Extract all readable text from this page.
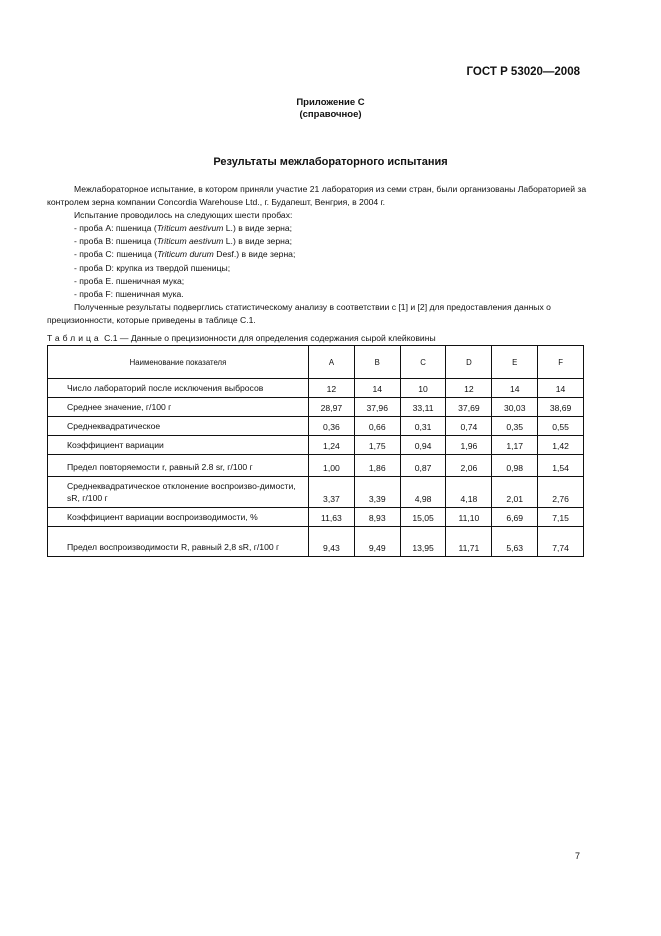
ГОСТ Р 53020—2008
Приложение С
(справочное)
Результаты межлабораторного испытания

Межлабораторное испытание, в котором приняли участие 21 лаборатория из семи стран, были организованы Лабораторией за контролем зерна компании Concordia Warehouse Ltd., г. Будапешт, Венгрия, в 2004 г.

Испытание проводилось на следующих шести пробах:

- проба А: пшеница (Triticum aestivum L.) в виде зерна;

- проба В: пшеница (Triticum aestivum L.) в виде зерна;

- проба С: пшеница (Triticum durum Desf.) в виде зерна;

- проба D: крупка из твердой пшеницы;

- проба Е. пшеничная мука;

- проба F: пшеничная мука.

Полученные результаты подверглись статистическому анализу в соответствии с [1] и [2] для предоставления данных о прецизионности, которые приведены в таблице С.1.

Таблица С.1 — Данные о прецизионности для определения содержания сырой клейковины
Наименование показателя	A	B	C	D	E	F
Число лабораторий после исключения выбросов	12	14	10	12	14	14
Среднее значение, г/100 г	28,97	37,96	33,11	37,69	30,03	38,69
Среднеквадратическое	0,36	0,66	0,31	0,74	0,35	0,55
Коэффициент вариации	1,24	1,75	0,94	1,96	1,17	1,42
Предел повторяемости r, равный 2.8 sr, г/100 г	1,00	1,86	0,87	2,06	0,98	1,54
Среднеквадратическое отклонение воспроизво-димости, sR, г/100 г	3,37	3,39	4,98	4,18	2,01	2,76
Коэффициент вариации воспроизводимости, %	11,63	8,93	15,05	11,10	6,69	7,15
Предел воспроизводимости R, равный 2,8 sR, г/100 г	9,43	9,49	13,95	11,71	5,63	7,74
7
